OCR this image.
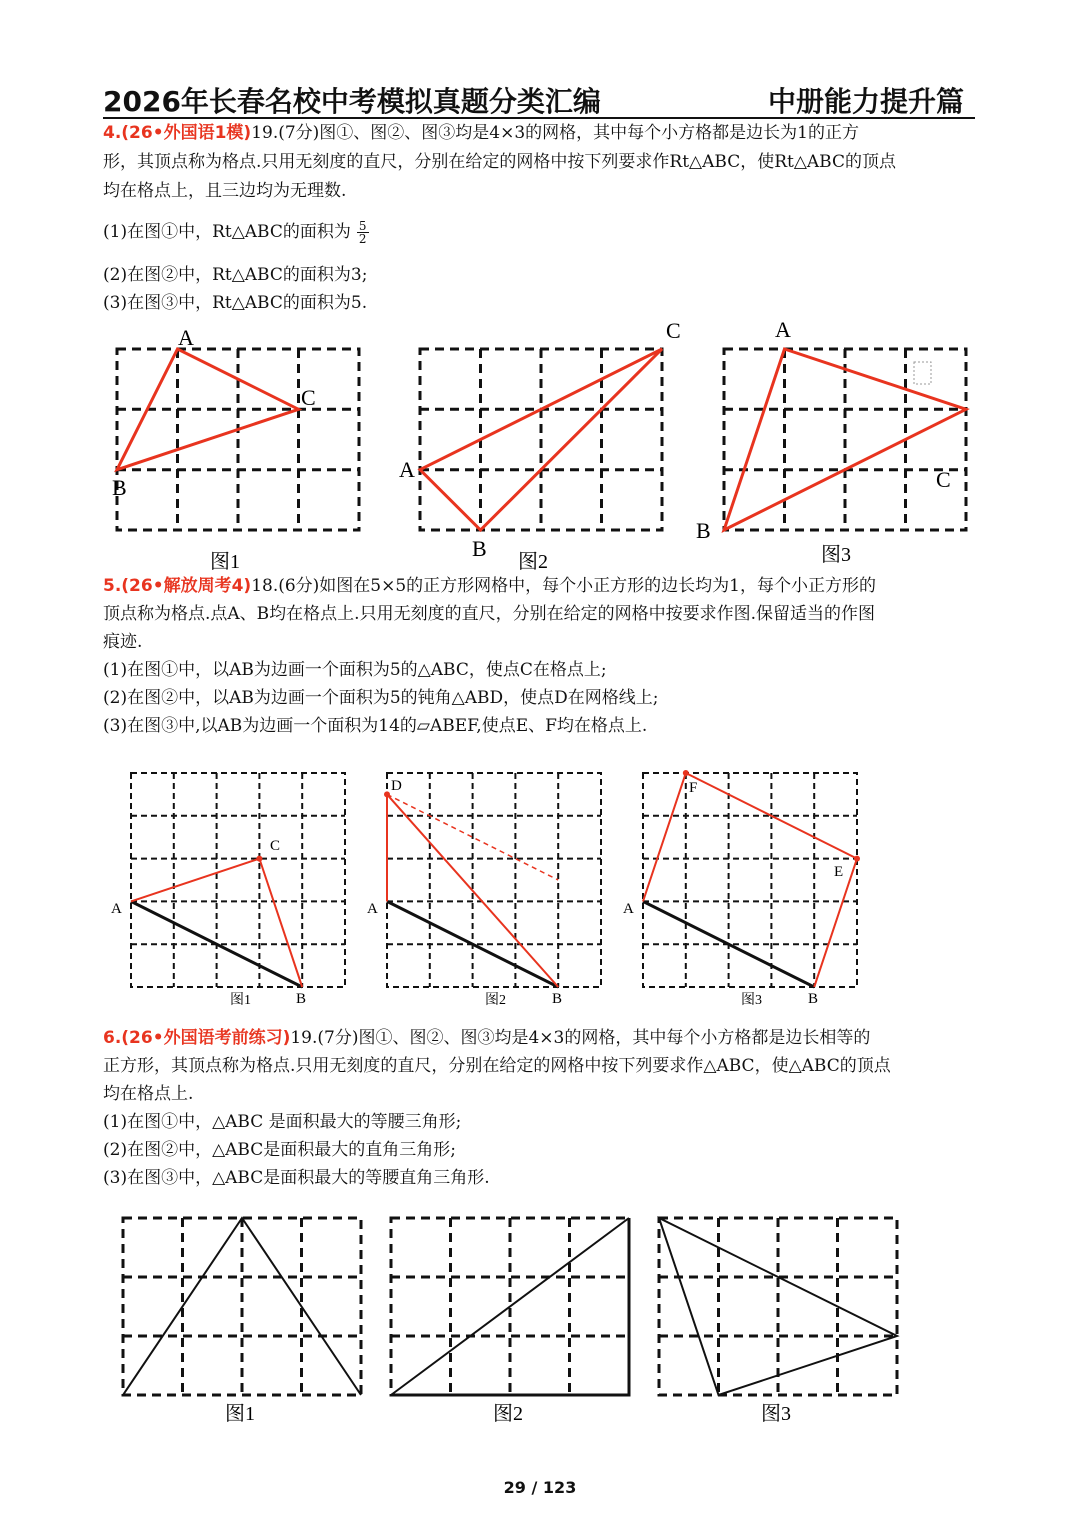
2026年长春名校中考模拟真题分类汇编	中册能力提升篇
4.(26•外国语1模)19.(7分)图①、图②、图③均是4×3的网格，其中每个小方格都是边长为1的正方
形，其顶点称为格点.只用无刻度的直尺，分别在给定的网格中按下列要求作Rt△ABC，使Rt△ABC的顶点
均在格点上，且三边均为无理数.
(1)在图①中，Rt△ABC的面积为 $\frac{5}{2}$
(2)在图②中，Rt△ABC的面积为3;
(3)在图③中，Rt△ABC的面积为5.
5.(26•解放周考4)18.(6分)如图在5×5的正方形网格中，每个小正方形的边长均为1，每个小正方形的
顶点称为格点.点A、B均在格点上.只用无刻度的直尺，分别在给定的网格中按要求作图.保留适当的作图
痕迹.
(1)在图①中，以AB为边画一个面积为5的△ABC，使点C在格点上;
(2)在图②中，以AB为边画一个面积为5的钝角△ABD，使点D在网格线上;
(3)在图③中,以AB为边画一个面积为14的▱ABEF,使点E、F均在格点上.
6.(26•外国语考前练习)19.(7分)图①、图②、图③均是4×3的网格，其中每个小方格都是边长相等的
正方形，其顶点称为格点.只用无刻度的直尺，分别在给定的网格中按下列要求作△ABC，使△ABC的顶点
均在格点上.
(1)在图①中，△ABC 是面积最大的等腰三角形;
(2)在图②中，△ABC是面积最大的直角三角形;
(3)在图③中，△ABC是面积最大的等腰直角三角形.
A
B
C
图1
A
B
C
图2
A
B
C
图3
A
B
C
图1
A
B
D
图2
A
B
E
F
图3
图1	图2	图3
29 / 123
